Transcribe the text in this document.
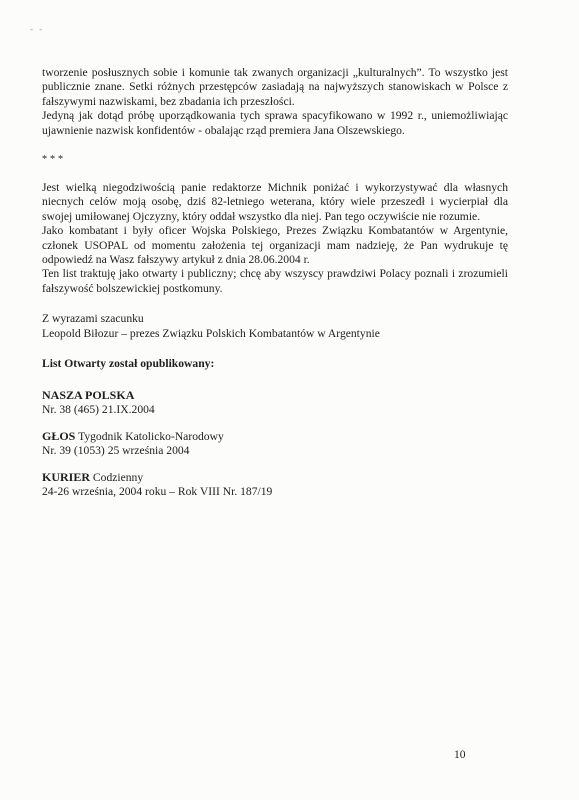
- -

tworzenie posłusznych sobie i komunie tak zwanych organizacji „kulturalnych”. To wszystko jest publicznie znane. Setki różnych przestępców zasiadają na najwyższych stanowiskach w Polsce z fałszywymi nazwiskami, bez zbadania ich przeszłości.

Jedyną jak dotąd próbę uporządkowania tych sprawa spacyfikowano w 1992 r., uniemożliwiając ujawnienie nazwisk konfidentów - obalając rząd premiera Jana Olszewskiego.

***

Jest wielką niegodziwością panie redaktorze Michnik poniżać i wykorzystywać dla własnych niecnych celów moją osobę, dziś 82-letniego weterana, który wiele przeszedł i wycierpiał dla swojej umiłowanej Ojczyzny, który oddał wszystko dla niej. Pan tego oczywiście nie rozumie.

Jako kombatant i były oficer Wojska Polskiego, Prezes Związku Kombatantów w Argentynie, członek USOPAL od momentu założenia tej organizacji mam nadzieję, że Pan wydrukuje tę odpowiedź na Wasz fałszywy artykuł z dnia 28.06.2004 r.

Ten list traktuję jako otwarty i publiczny; chcę aby wszyscy prawdziwi Polacy poznali i zrozumieli fałszywość bolszewickiej postkomuny.

Z wyrazami szacunku

Leopold Biłozur – prezes Związku Polskich Kombatantów w Argentynie

List Otwarty został opublikowany:

NASZA POLSKA
Nr. 38 (465) 21.IX.2004
GŁOS Tygodnik Katolicko-Narodowy
Nr. 39 (1053) 25 września 2004
KURIER Codzienny
24-26 września, 2004 roku – Rok VIII Nr. 187/19
10
